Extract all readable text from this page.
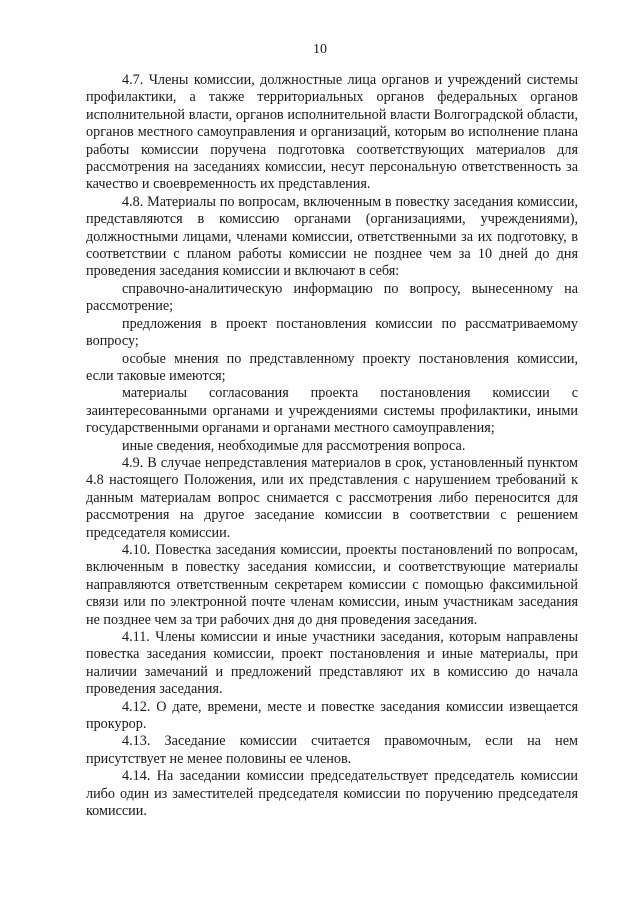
10

4.7. Члены комиссии, должностные лица органов и учреждений системы профилактики, а также территориальных органов федеральных органов исполнительной власти, органов исполнительной власти Волгоградской области, органов местного самоуправления и организаций, которым во исполнение плана работы комиссии поручена подготовка соответствующих материалов для рассмотрения на заседаниях комиссии, несут персональную ответственность за качество и своевременность их представления.

4.8. Материалы по вопросам, включенным в повестку заседания комиссии, представляются в комиссию органами (организациями, учреждениями), должностными лицами, членами комиссии, ответственными за их подготовку, в соответствии с планом работы комиссии не позднее чем за 10 дней до дня проведения заседания комиссии и включают в себя:

справочно-аналитическую информацию по вопросу, вынесенному на рассмотрение;

предложения в проект постановления комиссии по рассматриваемому вопросу;

особые мнения по представленному проекту постановления комиссии, если таковые имеются;

материалы согласования проекта постановления комиссии с заинтересованными органами и учреждениями системы профилактики, иными государственными органами и органами местного самоуправления;

иные сведения, необходимые для рассмотрения вопроса.

4.9. В случае непредставления материалов в срок, установленный пунктом 4.8 настоящего Положения, или их представления с нарушением требований к данным материалам вопрос снимается с рассмотрения либо переносится для рассмотрения на другое заседание комиссии в соответствии с решением председателя комиссии.

4.10. Повестка заседания комиссии, проекты постановлений по вопросам, включенным в повестку заседания комиссии, и соответствующие материалы направляются ответственным секретарем комиссии с помощью факсимильной связи или по электронной почте членам комиссии, иным участникам заседания не позднее чем за три рабочих дня до дня проведения заседания.

4.11. Члены комиссии и иные участники заседания, которым направлены повестка заседания комиссии, проект постановления и иные материалы, при наличии замечаний и предложений представляют их в комиссию до начала проведения заседания.

4.12. О дате, времени, месте и повестке заседания комиссии извещается прокурор.

4.13. Заседание комиссии считается правомочным, если на нем присутствует не менее половины ее членов.

4.14. На заседании комиссии председательствует председатель комиссии либо один из заместителей председателя комиссии по поручению председателя комиссии.
